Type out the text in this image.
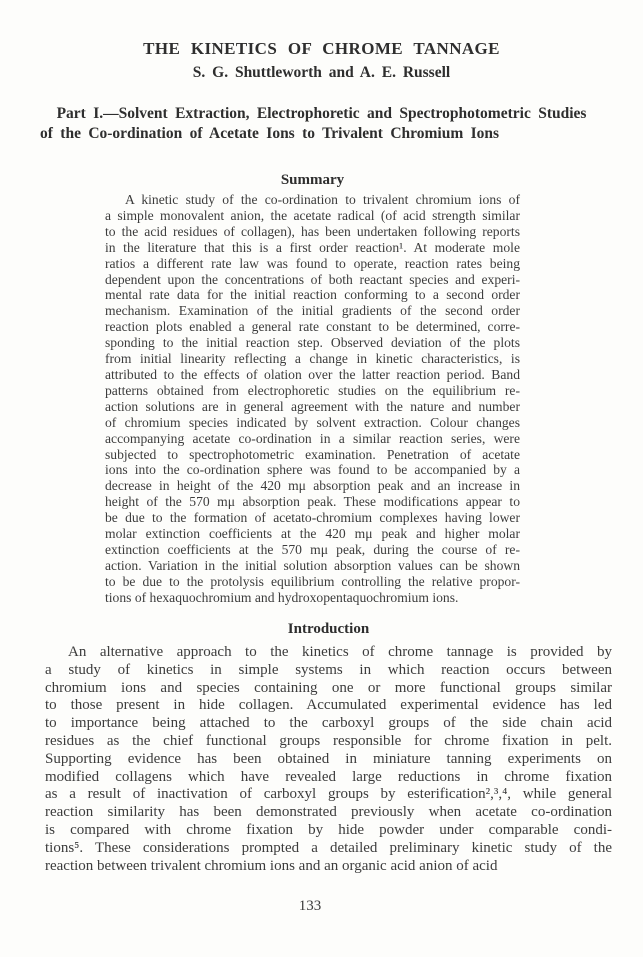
THE KINETICS OF CHROME TANNAGE
S. G. Shuttleworth and A. E. Russell
Part I.—Solvent Extraction, Electrophoretic and Spectrophotometric Studies
of the Co-ordination of Acetate Ions to Trivalent Chromium Ions
Summary
A kinetic study of the co-ordination to trivalent chromium ions of
a simple monovalent anion, the acetate radical (of acid strength similar
to the acid residues of collagen), has been undertaken following reports
in the literature that this is a first order reaction¹. At moderate mole
ratios a different rate law was found to operate, reaction rates being
dependent upon the concentrations of both reactant species and experi-
mental rate data for the initial reaction conforming to a second order
mechanism. Examination of the initial gradients of the second order
reaction plots enabled a general rate constant to be determined, corre-
sponding to the initial reaction step. Observed deviation of the plots
from initial linearity reflecting a change in kinetic characteristics, is
attributed to the effects of olation over the latter reaction period. Band
patterns obtained from electrophoretic studies on the equilibrium re-
action solutions are in general agreement with the nature and number
of chromium species indicated by solvent extraction. Colour changes
accompanying acetate co-ordination in a similar reaction series, were
subjected to spectrophotometric examination. Penetration of acetate
ions into the co-ordination sphere was found to be accompanied by a
decrease in height of the 420 mμ absorption peak and an increase in
height of the 570 mμ absorption peak. These modifications appear to
be due to the formation of acetato-chromium complexes having lower
molar extinction coefficients at the 420 mμ peak and higher molar
extinction coefficients at the 570 mμ peak, during the course of re-
action. Variation in the initial solution absorption values can be shown
to be due to the protolysis equilibrium controlling the relative propor-
tions of hexaquochromium and hydroxopentaquochromium ions.
Introduction
An alternative approach to the kinetics of chrome tannage is provided by
a study of kinetics in simple systems in which reaction occurs between
chromium ions and species containing one or more functional groups similar
to those present in hide collagen. Accumulated experimental evidence has led
to importance being attached to the carboxyl groups of the side chain acid
residues as the chief functional groups responsible for chrome fixation in pelt.
Supporting evidence has been obtained in miniature tanning experiments on
modified collagens which have revealed large reductions in chrome fixation
as a result of inactivation of carboxyl groups by esterification²,³,⁴, while general
reaction similarity has been demonstrated previously when acetate co-ordination
is compared with chrome fixation by hide powder under comparable condi-
tions⁵. These considerations prompted a detailed preliminary kinetic study of the
reaction between trivalent chromium ions and an organic acid anion of acid
133
